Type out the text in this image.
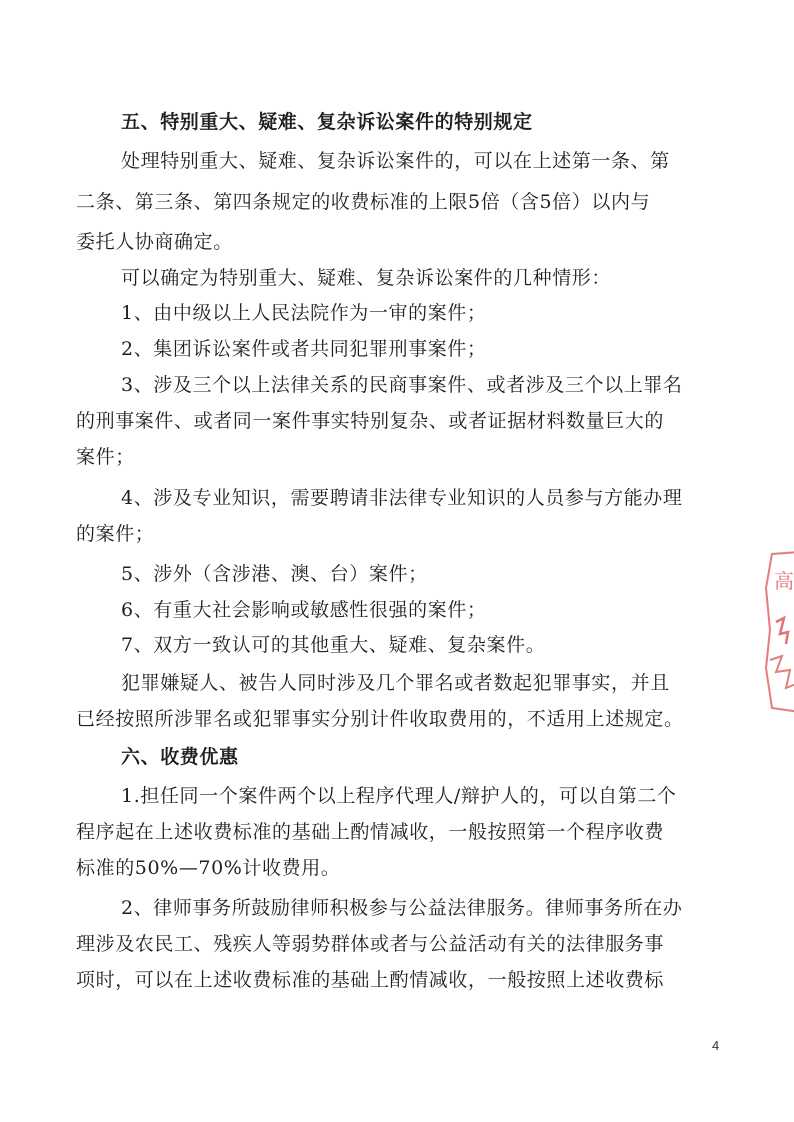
五、特别重大、疑难、复杂诉讼案件的特别规定
处理特别重大、疑难、复杂诉讼案件的，可以在上述第一条、第
二条、第三条、第四条规定的收费标准的上限5倍（含5倍）以内与
委托人协商确定。
可以确定为特别重大、疑难、复杂诉讼案件的几种情形：
1、由中级以上人民法院作为一审的案件；
2、集团诉讼案件或者共同犯罪刑事案件；
3、涉及三个以上法律关系的民商事案件、或者涉及三个以上罪名
的刑事案件、或者同一案件事实特别复杂、或者证据材料数量巨大的
案件；
4、涉及专业知识，需要聘请非法律专业知识的人员参与方能办理
的案件；
5、涉外（含涉港、澳、台）案件；
6、有重大社会影响或敏感性很强的案件；
7、双方一致认可的其他重大、疑难、复杂案件。
犯罪嫌疑人、被告人同时涉及几个罪名或者数起犯罪事实，并且
已经按照所涉罪名或犯罪事实分别计件收取费用的，不适用上述规定。
六、收费优惠
1.担任同一个案件两个以上程序代理人/辩护人的，可以自第二个
程序起在上述收费标准的基础上酌情减收，一般按照第一个程序收费
标准的50%—70%计收费用。
2、律师事务所鼓励律师积极参与公益法律服务。律师事务所在办
理涉及农民工、残疾人等弱势群体或者与公益活动有关的法律服务事
项时，可以在上述收费标准的基础上酌情减收，一般按照上述收费标
4
高
